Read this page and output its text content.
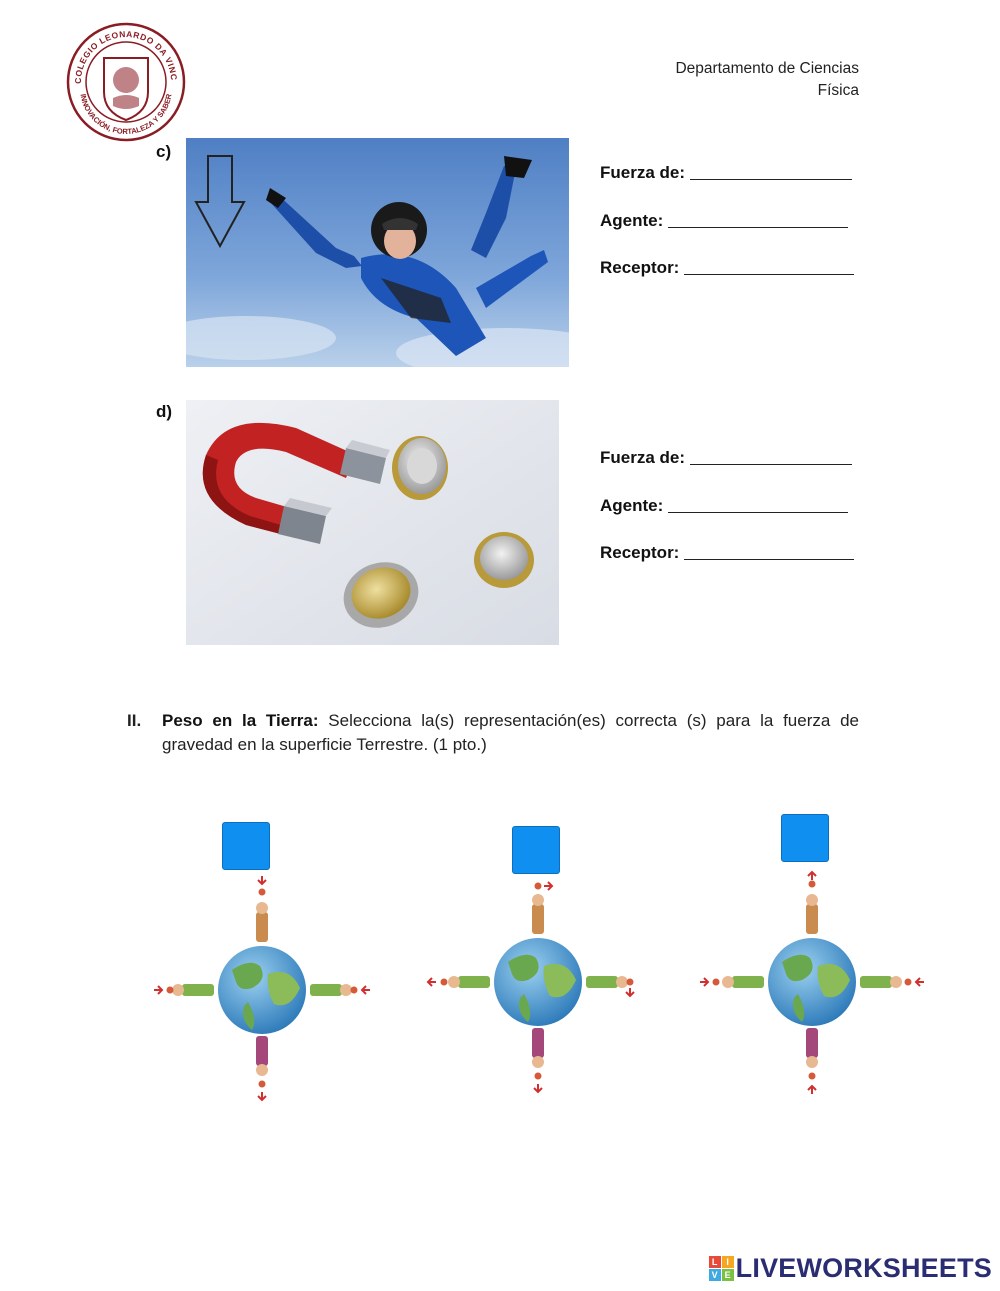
COLEGIO LEONARDO DA VINC
INNOVACIÓN, FORTALEZA Y SABER
Departamento de Ciencias
Física
c)
Fuerza de:
Agente:
Receptor:
d)
Fuerza de:
Agente:
Receptor:
II. Peso en la Tierra: Selecciona la(s) representación(es) correcta (s) para la fuerza de gravedad en la superficie Terrestre. (1 pto.)
L I
V E LIVEWORKSHEETS
